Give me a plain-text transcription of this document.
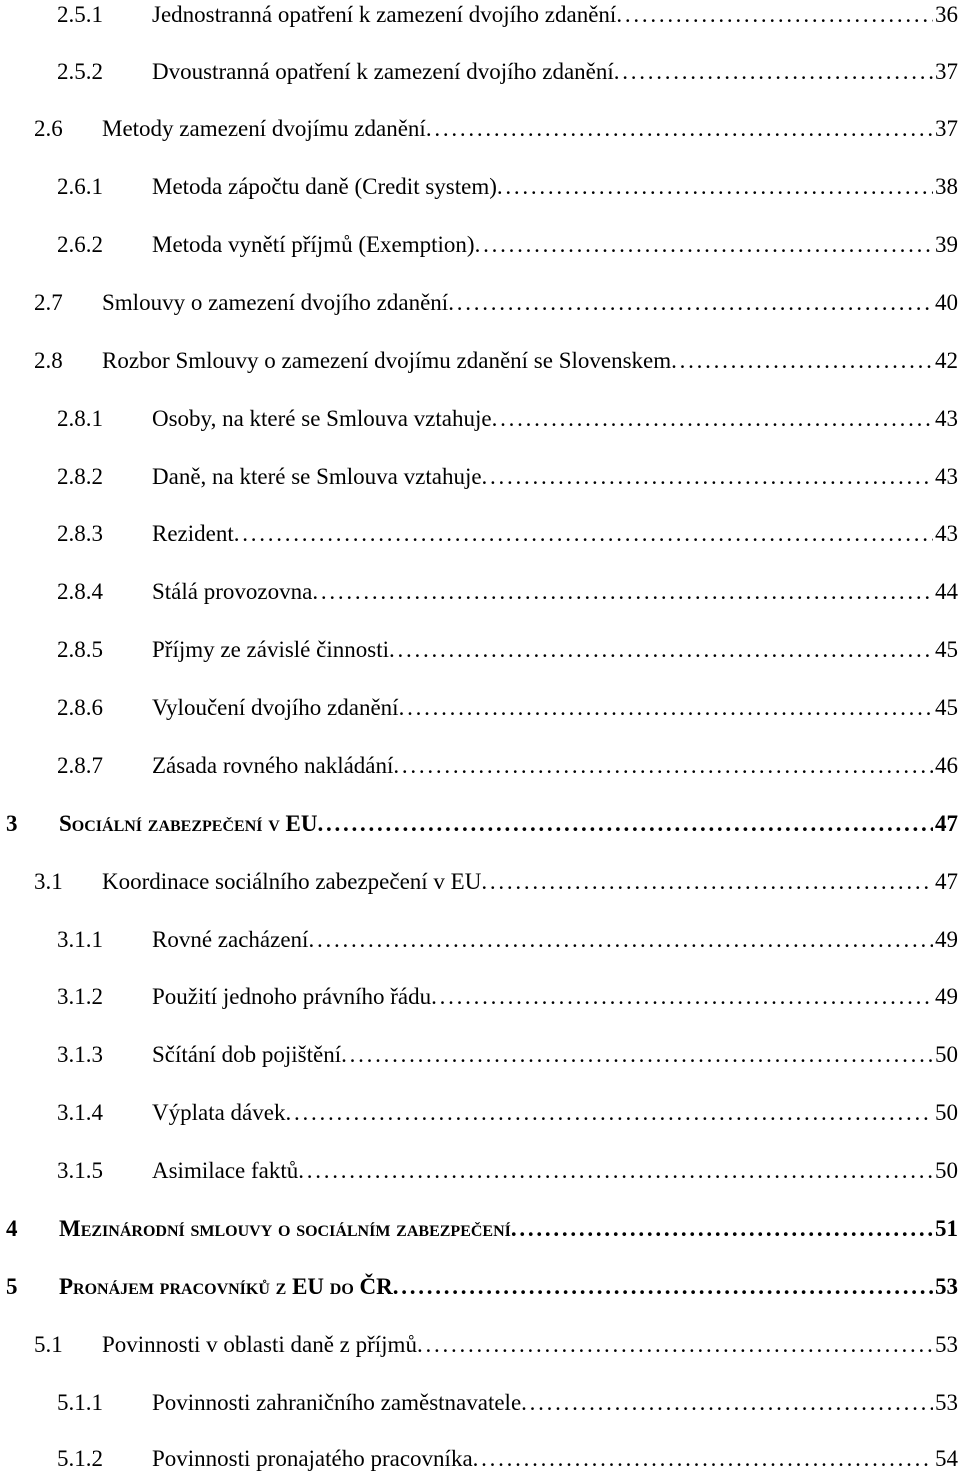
2.5.1	Jednostranná opatření k zamezení dvojího zdanění . . .	36
2.5.2	Dvoustranná opatření k zamezení dvojího zdanění . . .	37
2.6	Metody zamezení dvojímu zdanění . . .	37
2.6.1	Metoda zápočtu daně (Credit system) . . .	38
2.6.2	Metoda vynětí příjmů (Exemption) . . .	39
2.7	Smlouvy o zamezení dvojího zdanění . . .	40
2.8	Rozbor Smlouvy o zamezení dvojímu zdanění se Slovenskem . . .	42
2.8.1	Osoby, na které se Smlouva vztahuje . . .	43
2.8.2	Daně, na které se Smlouva vztahuje . . .	43
2.8.3	Rezident . . .	43
2.8.4	Stálá provozovna . . .	44
2.8.5	Příjmy ze závislé činnosti . . .	45
2.8.6	Vyloučení dvojího zdanění . . .	45
2.8.7	Zásada rovného nakládání . . .	46
3	Sociální zabezpečení v EU . . .	47
3.1	Koordinace sociálního zabezpečení v EU . . .	47
3.1.1	Rovné zacházení . . .	49
3.1.2	Použití jednoho právního řádu . . .	49
3.1.3	Sčítání dob pojištění . . .	50
3.1.4	Výplata dávek . . .	50
3.1.5	Asimilace faktů . . .	50
4	Mezinárodní smlouvy o sociálním zabezpečení . . .	51
5	Pronájem pracovníků z EU do ČR . . .	53
5.1	Povinnosti v oblasti daně z příjmů . . .	53
5.1.1	Povinnosti zahraničního zaměstnavatele . . .	53
5.1.2	Povinnosti pronajatého pracovníka . . .	54
